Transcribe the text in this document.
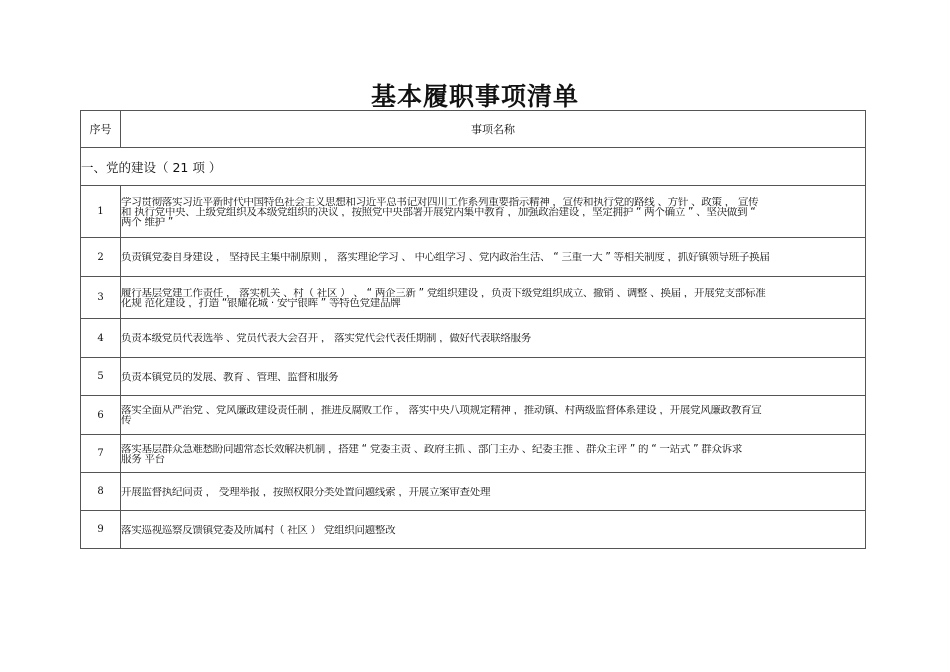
基本履职事项清单
序号	事项名称
一、党的建设（ 21 项 ）	
1	学习贯彻落实习近平新时代中国特色社会主义思想和习近平总书记对四川工作系列重要指示精神 ，宣传和执行党的路线 、方针 、政策 ， 宣传
和 执行党中央、上级党组织及本级党组织的决议 ，按照党中央部署开展党内集中教育 ，加强政治建设 ，坚定拥护 “ 两个确立 ” 、坚决做到 “
两个 维护 ”

2	负责镇党委自身建设 ， 坚持民主集中制原则 ， 落实理论学习 、 中心组学习 、党内政治生活、 “ 三重一大 ” 等相关制度 ，抓好镇领导班子换届

3	履行基层党建工作责任 ， 落实机关 、村（ 社区 ） 、 “ 两企三新 ” 党组织建设 ，负责下级党组织成立、撤销 、调整 、换届 ，开展党支部标准
化规 范化建设 ，打造 “银耀花城 · 安宁银晖 ” 等特色党建品牌

4	负责本级党员代表选举 、党员代表大会召开 ， 落实党代会代表任期制 ，做好代表联络服务

5	负责本镇党员的发展、教育 、管理、监督和服务

6	落实全面从严治党 、党风廉政建设责任制 ，推进反腐败工作 ， 落实中央八项规定精神 ，推动镇、村两级监督体系建设 ，开展党风廉政教育宣
传

7	落实基层群众急难愁盼问题常态长效解决机制 ，搭建 “ 党委主责 、政府主抓 、部门主办 、纪委主推 、群众主评 ” 的 “ 一站式 ” 群众诉求
服务 平台

8	开展监督执纪问责 ， 受理举报 ，按照权限分类处置问题线索 ，开展立案审查处理

9	落实巡视巡察反馈镇党委及所属村（ 社区 ） 党组织问题整改
